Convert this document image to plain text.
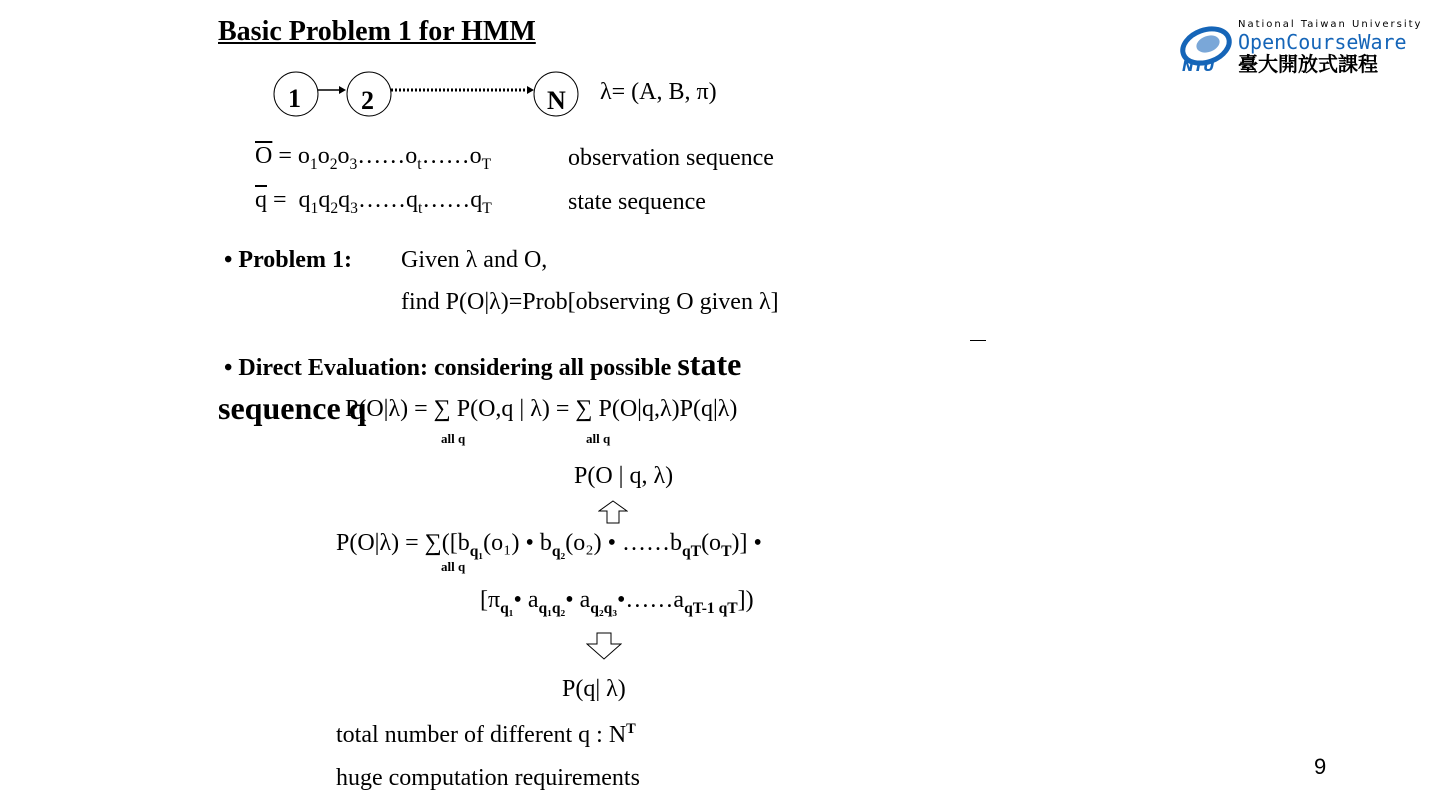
Basic Problem 1 for HMM	National Taiwan University
OpenCourseWare
臺大開放式課程
NTU
1 2	N λ= (A, B, π)
$\overline{O}$ = $o_1o_2o_3\dots\dots o_t\dots\dots o_T$	observation sequence
$\overline{q}$ =  $q_1q_2q_3\dots\dots q_t\dots\dots q_T$	state sequence
• Problem 1: Given λ and O,
find P(O|λ)=Prob[observing O given λ]
• Direct Evaluation: considering all possible state
sequence q
P(O|λ) = ∑ P(O,q | λ) = ∑ P(O|q,λ)P(q|λ)
all q	all q
P(O | q, λ)
$P(O|\lambda) = \sum([b_{q_1}(o_1)$ • $b_{q_2}(o_2)$ • $\dots\dots b_{qT}(o_T)$] •
all q
[$\pi_{q_1}•$ $a_{q_1q_2}•$ $a_{q_2q_3}•\dots\dots a_{qT-1 qT}$])
P(q| λ)
total number of different q : $N^T$
huge computation requirements	9
